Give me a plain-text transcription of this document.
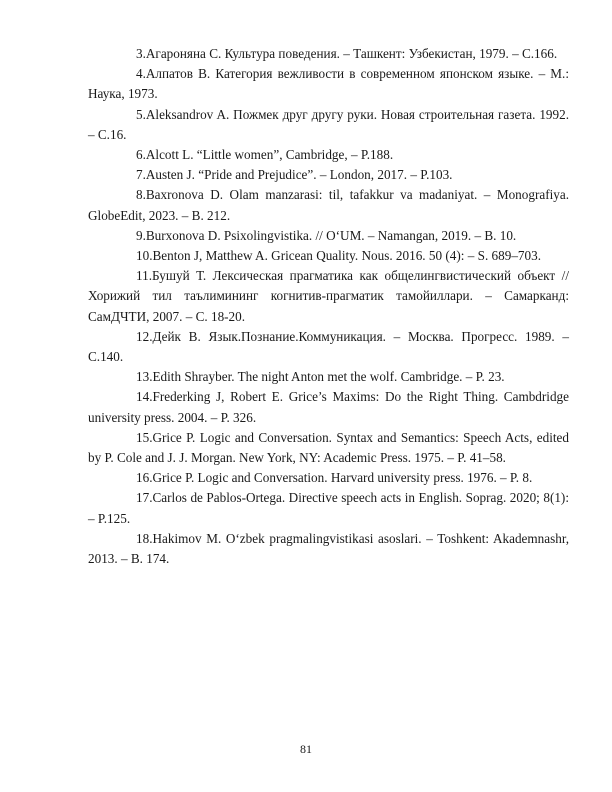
3.Агароняна С. Культура поведения. – Ташкент: Узбекистан, 1979. – С.166.

4.Алпатов В. Категория вежливости в современном японском языке. – М.: Наука, 1973.

5.Aleksandrov A. Пожмек друг другу руки. Новая строительная газета. 1992. – С.16.

6.Alcott L. “Little women”, Cambridge, – P.188.

7.Austen J. “Pride and Prejudice”. – London, 2017. – P.103.

8.Baxronova D. Olam manzarasi: til, tafakkur va madaniyat. – Monografiya. GlobeEdit, 2023. – B. 212.

9.Burxonova D. Psixolingvistika. // O‘UM. – Namangan, 2019. – B. 10.

10.Benton J, Matthew A. Gricean Quality. Nous. 2016. 50 (4): – S. 689–703.

11.Бушуй Т. Лексическая прагматика как общелингвистический объект // Хорижий тил таълимининг когнитив-прагматик тамойиллари. – Самарканд: СамДЧТИ, 2007. – С. 18-20.

12.Дейк В. Язык.Познание.Коммуникация. – Москва. Прогресс. 1989. – С.140.

13.Edith Shrayber. The night Anton met the wolf. Cambridge. – P. 23.

14.Frederking J, Robert E. Grice’s Maxims: Do the Right Thing. Cambdridge university press. 2004. – P. 326.

15.Grice P. Logic and Conversation. Syntax and Semantics: Speech Acts, edited by P. Cole and J. J. Morgan. New York, NY: Academic Press. 1975. – P. 41–58.

16.Grice P. Logic and Conversation. Harvard university press. 1976. – P. 8.

17.Carlos de Pablos-Ortega. Directive speech acts in English. Soprag. 2020; 8(1): – P.125.

18.Hakimov M. O‘zbek pragmalingvistikasi asoslari. – Toshkent: Akademnashr, 2013. – B. 174.

81
